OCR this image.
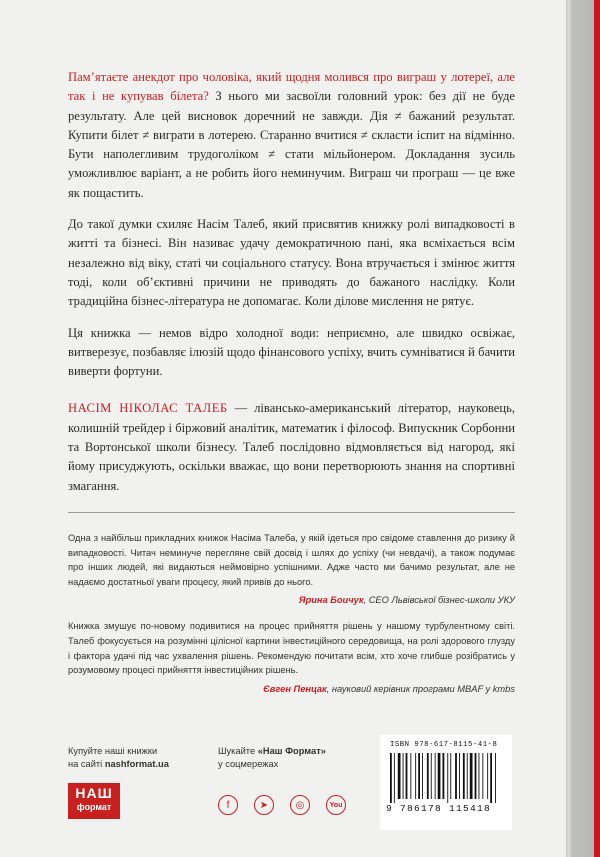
Пам’ятаєте анекдот про чоловіка, який щодня молився про виграш у лотереї, але так і не купував білета? З нього ми засвоїли головний урок: без дії не буде результату. Але цей висновок доречний не завжди. Дія ≠ бажаний результат. Купити білет ≠ виграти в лотерею. Старанно вчитися ≠ скласти іспит на відмінно. Бути наполегливим трудоголіком ≠ стати мільйонером. Докладання зусиль уможливлює варіант, а не робить його неминучим. Виграш чи програш — це вже як пощастить.

До такої думки схиляє Насім Талеб, який присвятив книжку ролі випадковості в житті та бізнесі. Він називає удачу демократичною пані, яка всміхається всім незалежно від віку, статі чи соціального статусу. Вона втручається і змінює життя тоді, коли об’єктивні причини не приводять до бажаного наслідку. Коли традиційна бізнес-література не допомагає. Коли ділове мислення не рятує.

Ця книжка — немов відро холодної води: неприємно, але швидко освіжає, витверезує, позбавляє ілюзій щодо фінансового успіху, вчить сумніватися й бачити виверти фортуни.

НАСІМ НІКОЛАС ТАЛЕБ — лівансько-американський літератор, науковець, колишній трейдер і біржовий аналітик, математик і філософ. Випускник Сорбонни та Вортонської школи бізнесу. Талеб послідовно відмовляється від нагород, які йому присуджують, оскільки вважає, що вони перетворюють знання на спортивні змагання.

Одна з найбільш прикладних книжок Насіма Талеба, у якій ідеться про свідоме ставлення до ризику й випадковості. Читач неминуче перегляне свій досвід і шлях до успіху (чи невдачі), а також подумає про інших людей, які видаються неймовірно успішними. Адже часто ми бачимо результат, але не надаємо достатньої уваги процесу, який привів до нього.

Ярина Боичук, CEO Львівської бізнес-школи УКУ

Книжка змушує по-новому подивитися на процес прийняття рішень у нашому турбулентному світі. Талеб фокусується на розумінні цілісної картини інвестиційного середовища, на ролі здорового глузду і фактора удачі під час ухвалення рішень. Рекомендую почитати всім, хто хоче глибше розібратись у розумовому процесі прийняття інвестиційних рішень.

Євген Пенцак, науковий керівник програми MBAF у kmbs

Купуйте наші книжки
на сайті nashformat.ua
НАШ
формат
Шукайте «Наш Формат»
у соцмережах
f	➤	◎	You
ISBN 978-617-8115-41-8
9 786178 115418
